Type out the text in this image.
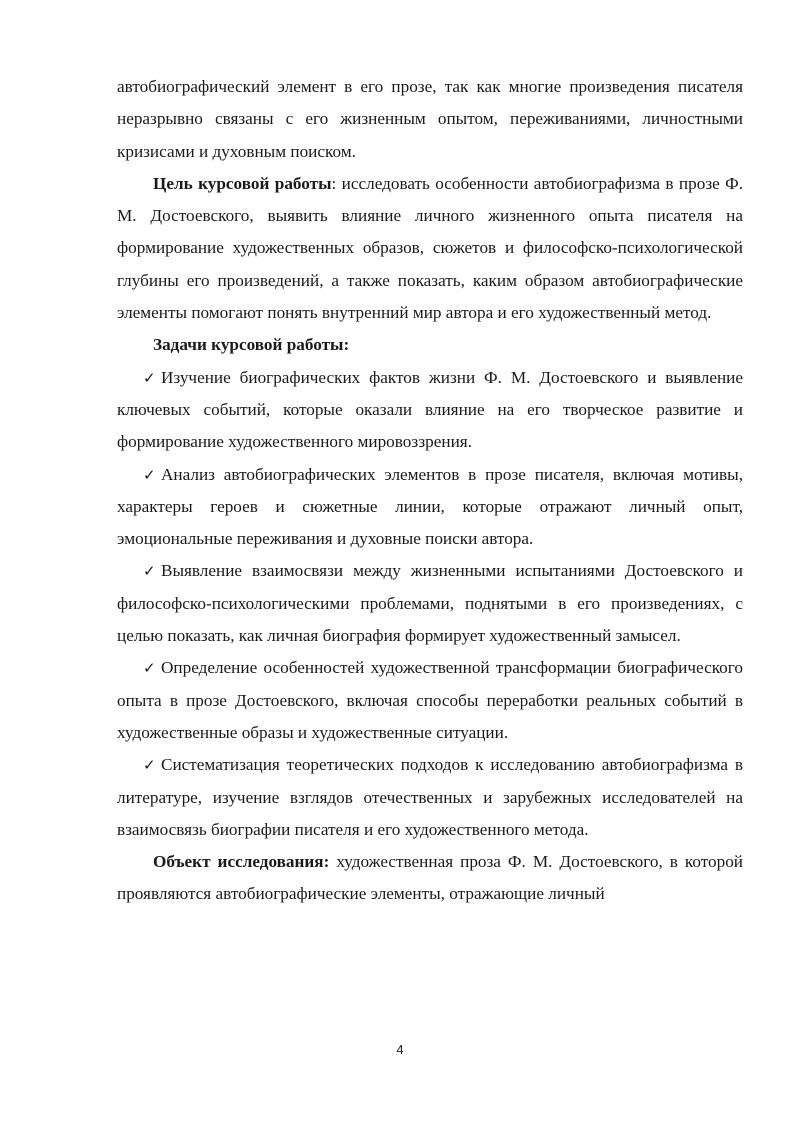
автобиографический элемент в его прозе, так как многие произведения писателя неразрывно связаны с его жизненным опытом, переживаниями, личностными кризисами и духовным поиском.

Цель курсовой работы: исследовать особенности автобиографизма в прозе Ф. М. Достоевского, выявить влияние личного жизненного опыта писателя на формирование художественных образов, сюжетов и философско-психологической глубины его произведений, а также показать, каким образом автобиографические элементы помогают понять внутренний мир автора и его художественный метод.

Задачи курсовой работы:

✓ Изучение биографических фактов жизни Ф. М. Достоевского и выявление ключевых событий, которые оказали влияние на его творческое развитие и формирование художественного мировоззрения.

✓ Анализ автобиографических элементов в прозе писателя, включая мотивы, характеры героев и сюжетные линии, которые отражают личный опыт, эмоциональные переживания и духовные поиски автора.

✓ Выявление взаимосвязи между жизненными испытаниями Достоевского и философско-психологическими проблемами, поднятыми в его произведениях, с целью показать, как личная биография формирует художественный замысел.

✓ Определение особенностей художественной трансформации биографического опыта в прозе Достоевского, включая способы переработки реальных событий в художественные образы и художественные ситуации.

✓ Систематизация теоретических подходов к исследованию автобиографизма в литературе, изучение взглядов отечественных и зарубежных исследователей на взаимосвязь биографии писателя и его художественного метода.

Объект исследования: художественная проза Ф. М. Достоевского, в которой проявляются автобиографические элементы, отражающие личный

4
